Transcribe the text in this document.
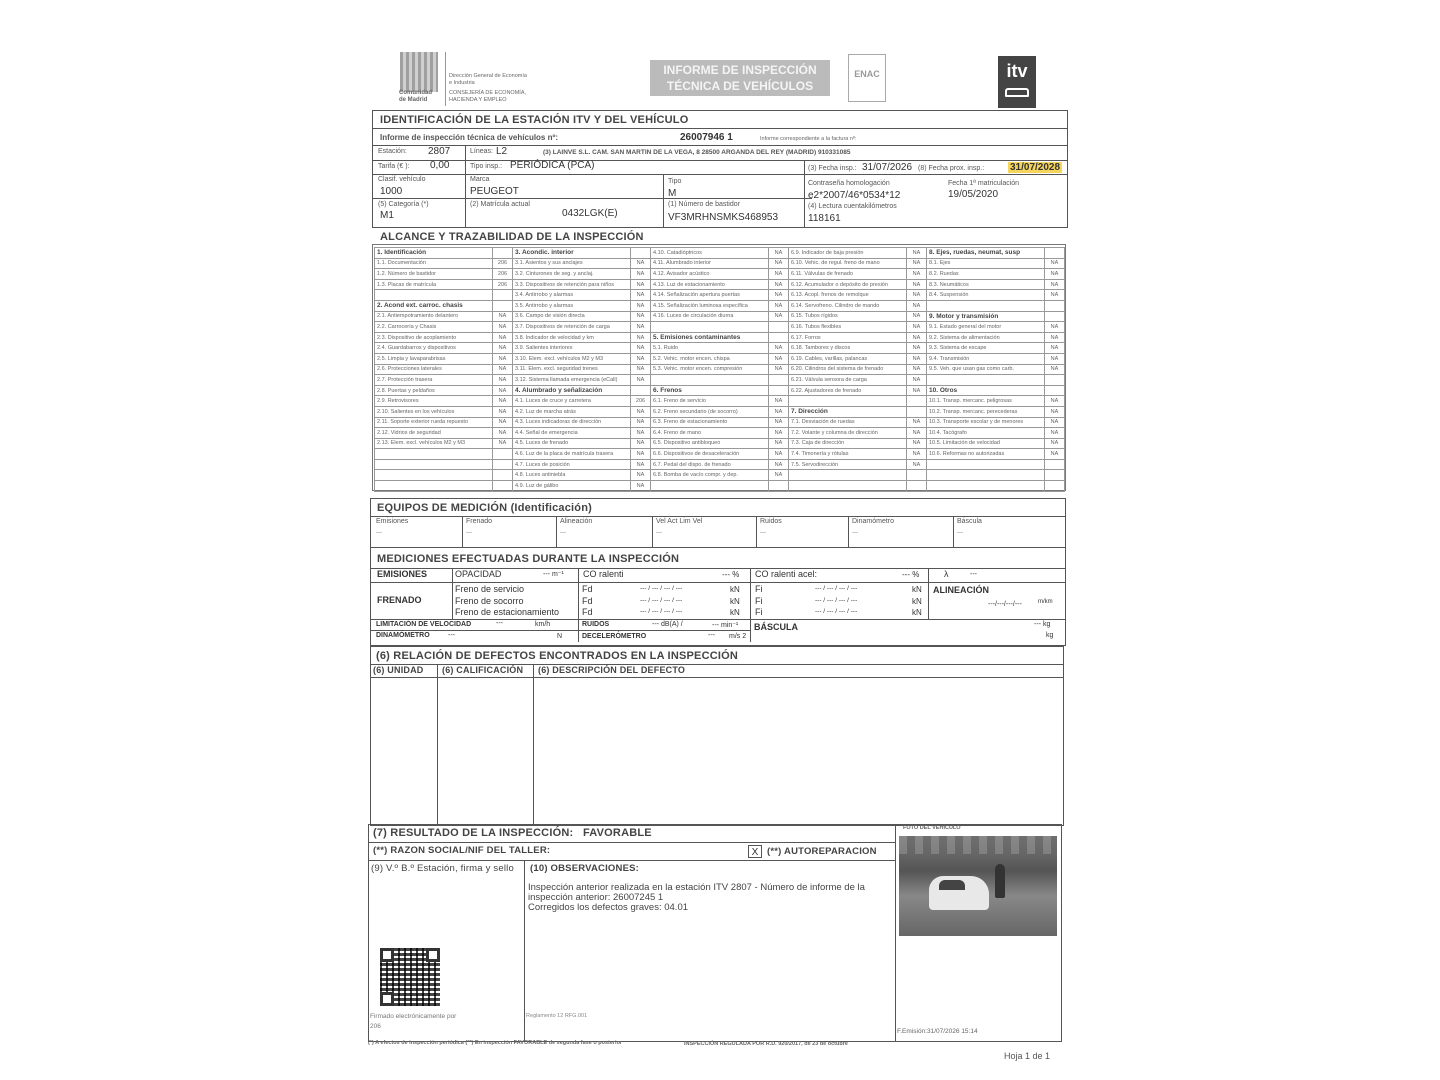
Comunidad
de Madrid
Dirección General de Economía
e Industria
CONSEJERÍA DE ECONOMÍA,
HACIENDA Y EMPLEO
INFORME DE INSPECCIÓN
TÉCNICA DE VEHÍCULOS
ENAC	itv
IDENTIFICACIÓN DE LA ESTACIÓN ITV Y DEL VEHÍCULO
Informe de inspección técnica de vehículos nº:	26007946 1	Informe correspondiente a la factura nº:
Estación: 2807	Líneas: L2	(3) LAINVE S.L. CAM. SAN MARTIN DE LA VEGA, 8 28500 ARGANDA DEL REY (MADRID) 910331085
Tarifa (€ ): 0,00	Tipo insp.: PERIÓDICA (PCA)	(3) Fecha insp.: 31/07/2026 (8) Fecha prox. insp.:	31/07/2028
Clasif. vehículo
1000
Marca
PEUGEOT
Tipo
M
Contraseña homologación
e2*2007/46*0534*12
Fecha 1ª matriculación
19/05/2020
(5) Categoría (*)
M1
(2) Matrícula actual
0432LGK(E)
(1) Número de bastidor
VF3MRHNSMKS468953
(4) Lectura cuentakilómetros
118161
ALCANCE Y TRAZABILIDAD DE LA INSPECCIÓN
1. Identificación		3. Acondic. interior		4.10. Catadióptricos	NA	6.9. Indicador de baja presión	NA	8. Ejes, ruedas, neumat, susp	
1.1. Documentación	206	3.1. Asientos y sus anclajes	NA	4.11. Alumbrado interior	NA	6.10. Vehic. de regul. freno de mano	NA	8.1. Ejes	NA
1.2. Número de bastidor	206	3.2. Cinturones de seg. y anclaj.	NA	4.12. Avisador acústico	NA	6.11. Válvulas de frenado	NA	8.2. Ruedas	NA
1.3. Placas de matrícula	206	3.3. Dispositivos de retención para niños	NA	4.13. Luz de estacionamiento	NA	6.12. Acumulador o depósito de presión	NA	8.3. Neumáticos	NA
		3.4. Antirrobo y alarmas	NA	4.14. Señalización apertura puertas	NA	6.13. Acopl. frenos de remolque	NA	8.4. Suspensión	NA
2. Acond ext. carroc. chasis		3.5. Antirrobo y alarmas	NA	4.15. Señalización luminosa específica	NA	6.14. Servofreno. Cilindro de mando	NA		
2.1. Antiempotramiento delantero	NA	3.6. Campo de visión directa	NA	4.16. Luces de circulación diurna	NA	6.15. Tubos rígidos	NA	9. Motor y transmisión	
2.2. Carrocería y Chasis	NA	3.7. Dispositivos de retención de carga	NA			6.16. Tubos flexibles	NA	9.1. Estado general del motor	NA
2.3. Dispositivo de acoplamiento	NA	3.8. Indicador de velocidad y km	NA	5. Emisiones contaminantes		6.17. Forros	NA	9.2. Sistema de alimentación	NA
2.4. Guardabarros y dispositivos	NA	3.9. Salientes interiores	NA	5.1. Ruido	NA	6.18. Tambores y discos	NA	9.3. Sistema de escape	NA
2.5. Limpia y lavaparabrisas	NA	3.10. Elem. excl. vehículos M2 y M3	NA	5.2. Vehic. motor encen. chispa	NA	6.19. Cables, varillas, palancas	NA	9.4. Transmisión	NA
2.6. Protecciones laterales	NA	3.11. Elem. excl. seguridad trenes	NA	5.3. Vehic. motor encen. compresión	NA	6.20. Cilindros del sistema de frenado	NA	9.5. Veh. que usan gas como carb.	NA
2.7. Protección trasera	NA	3.12. Sistema llamada emergencia (eCall)	NA			6.21. Válvula sensora de carga	NA		
2.8. Puertas y peldaños	NA	4. Alumbrado y señalización		6. Frenos		6.22. Ajustadores de frenado	NA	10. Otros	
2.9. Retrovisores	NA	4.1. Luces de cruce y carretera	206	6.1. Freno de servicio	NA			10.1. Transp. mercanc. peligrosas	NA
2.10. Salientes en los vehículos	NA	4.2. Luz de marcha atrás	NA	6.2. Freno secundario (de socorro)	NA	7. Dirección		10.2. Transp. mercanc. perecederas	NA
2.11. Soporte exterior rueda repuesto	NA	4.3. Luces indicadoras de dirección	NA	6.3. Freno de estacionamiento	NA	7.1. Desviación de ruedas	NA	10.3. Transporte escolar y de menores	NA
2.12. Vidrios de seguridad	NA	4.4. Señal de emergencia	NA	6.4. Freno de mano	NA	7.2. Volante y columna de dirección	NA	10.4. Tacógrafo	NA
2.13. Elem. excl. vehículos M2 y M3	NA	4.5. Luces de frenado	NA	6.5. Dispositivo antibloqueo	NA	7.3. Caja de dirección	NA	10.5. Limitación de velocidad	NA
		4.6. Luz de la placa de matrícula trasera	NA	6.6. Dispositivos de desaceleración	NA	7.4. Timonería y rótulas	NA	10.6. Reformas no autorizadas	NA
		4.7. Luces de posición	NA	6.7. Pedal del dispo. de frenado	NA	7.5. Servodirección	NA		
		4.8. Luces antiniebla	NA	6.8. Bomba de vacío compr. y dep.	NA				
		4.9. Luz de gálibo	NA						
EQUIPOS DE MEDICIÓN (Identificación)
Emisiones
---
Frenado
---
Alineación
---
Vel Act Lim Vel
---
Ruidos
---
Dinamómetro
---
Báscula
---
MEDICIONES EFECTUADAS DURANTE LA INSPECCIÓN
EMISIONES	OPACIDAD	--- m⁻¹ CO ralenti	--- % CO ralenti acel:	--- %	λ	---
FRENADO
Freno de servicio
Freno de socorro
Freno de estacionamiento
Fd	--- / --- / --- / ---	kN Fi	--- / --- / --- / ---	kN
Fd	--- / --- / --- / ---	kN Fi	--- / --- / --- / ---	kN
Fd	--- / --- / --- / ---	kN Fi	--- / --- / --- / ---	kN
ALINEACIÓN
---/---/---/---	m/km
LIMITACIÓN DE VELOCIDAD	---	km/h	RUIDOS	--- dB(A) /	--- min⁻¹ BÁSCULA	--- kg
kg
DINAMÓMETRO	---	N	DECELERÓMETRO	--- m/s 2
(6) RELACIÓN DE DEFECTOS ENCONTRADOS EN LA INSPECCIÓN
(6) UNIDAD (6) CALIFICACIÓN (6) DESCRIPCIÓN DEL DEFECTO
(7) RESULTADO DE LA INSPECCIÓN: FAVORABLE	FOTO DEL VEHÍCULO
(**) RAZON SOCIAL/NIF DEL TALLER:	X (**) AUTOREPARACION
(9) V.º B.º Estación, firma y sello (10) OBSERVACIONES:
Inspección anterior realizada en la estación ITV 2807 - Número de informe de la
inspección anterior: 26007245 1
Corregidos los defectos graves: 04.01
Firmado electrónicamente por
206
Reglamento 12 RFG.001
F.Emisión:31/07/2026 15:14
(*) A efectos de inspección periódica (**) En inspección FAVORABLE de segunda fase o posterior	INSPECCIÓN REGULADA POR R.D. 920/2017, de 23 de octubre
Hoja 1 de 1
